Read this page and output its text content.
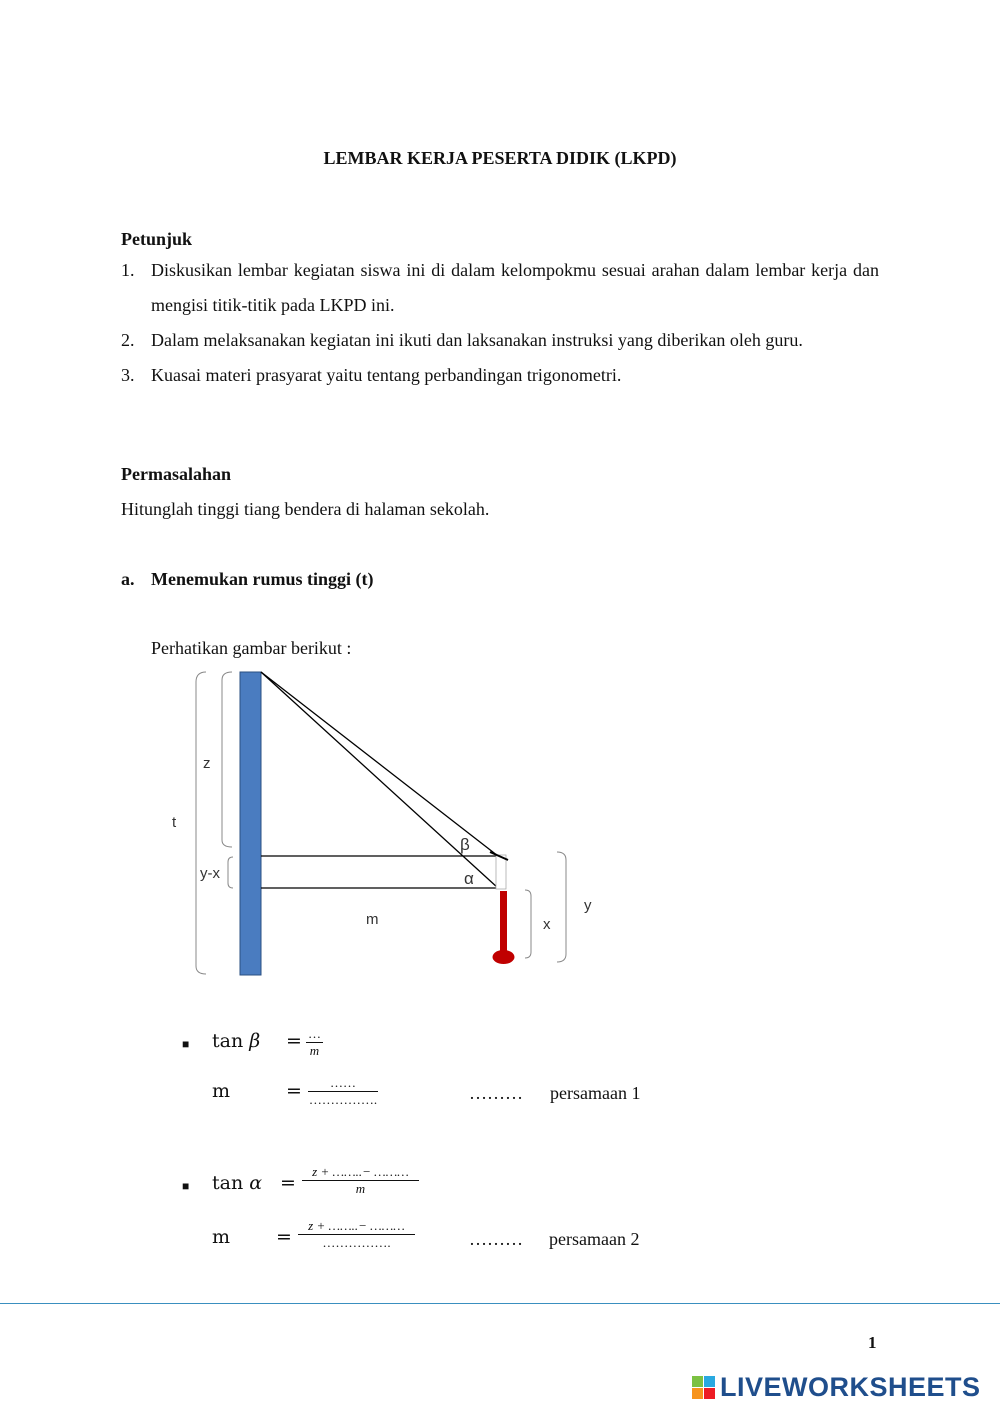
LEMBAR KERJA PESERTA DIDIK (LKPD)
Petunjuk
1. Diskusikan lembar kegiatan siswa ini di dalam kelompokmu sesuai arahan dalam lembar kerja dan mengisi titik-titik pada LKPD ini.
2. Dalam melaksanakan kegiatan ini ikuti dan laksanakan instruksi yang diberikan oleh guru.
3. Kuasai materi prasyarat yaitu tentang perbandingan trigonometri.
Permasalahan
Hitunglah tinggi tiang bendera di halaman sekolah.
a. Menemukan rumus tinggi (t)
Perhatikan gambar berikut :
z
t
y-x
m	x
y
β
α
■ tan β = …
m
m	=	……
…………….	……… persamaan 1
■ $\tan \alpha = \frac{z + \dots\dots..- \dots\dots\dots}{m}$
m =
z + ……..− ………
…………….	……… persamaan 2
1
LIVEWORKSHEETS
